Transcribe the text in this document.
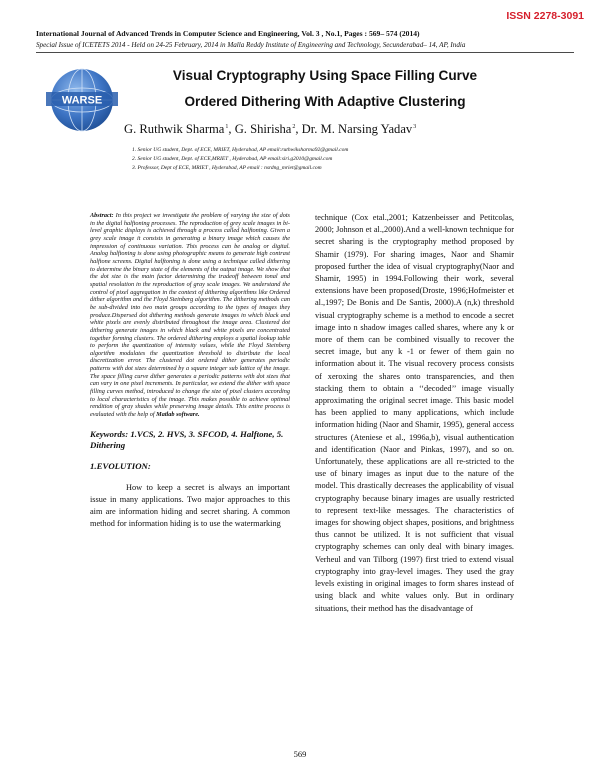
ISSN 2278-3091
International Journal of Advanced Trends in Computer Science and Engineering, Vol. 3 , No.1, Pages : 569– 574 (2014)
Special Issue of ICETETS 2014 - Held on 24-25 February, 2014 in Malla Reddy Institute of Engineering and Technology, Secunderabad– 14, AP, India
WARSE
Visual Cryptography Using Space Filling Curve
Ordered Dithering With Adaptive Clustering
G. Ruthwik Sharma$^1$, G. Shirisha$^2$, Dr. M. Narsing Yadav$^3$
1. Senior UG student, Dept. of ECE, MRIET, Hyderabad, AP email:ruthwiksharma92@gmail.com
2. Senior UG student, Dept. of ECE,MRIET , Hyderabad, AP email:siri.g2010@gmail.com
3. Professor, Dept of ECE, MRIET , Hyderabad, AP email : nsrdng_mriet@gmail.com

Abstract: In this project we investigate the problem of varying the size of dots in the digital halftoning processes. The reproduction of grey scale images in bi-level graphic displays is achieved through a process called halftoning. Given a grey scale image it consists in generating a binary image which causes the impression of continuous variation. This process can be analog or digital. Analog halftoning is done using photographic means to generate high contrast halftone screens. Digital halftoning is done using a technique called dithering to determine the binary state of the elements of the output image. We show that the dot size is the main factor determining the tradeoff between tonal and spatial resolution in the reproduction of gray scale images. We understand the control of pixel aggregation in the context of dithering algorithms like Ordered dither algorithm and the Floyd Steinberg algorithm. The dithering methods can be sub-divided into two main groups according to the types of images they produce.Dispersed dot dithering methods generate images in which black and white pixels are evenly distributed throughout the image area. Clustered dot dithering generate images in which black and white pixels are concentrated together forming clusters. The ordered dithering employs a spatial lookup table to perform the quantization of intensity values, while the Floyd Steinberg algorithm modulates the quantization threshold to distribute the local discretization error. The clustered dot ordered dither generates periodic patterns with dot sizes determined by a square integer sub lattice of the image. The space filling curve dither generates a periodic patterns with dot sizes that can vary in one pixel increments. In particular, we extend the dither with space filling curves method, introduced to change the size of pixel clusters according to local characteristics of the image. This makes possible to achieve optimal rendition of gray shades while preserving image details. This entire process is evaluated with the help of Matlab software.

Keywords: 1.VCS, 2. HVS, 3. SFCOD, 4. Halftone, 5. Dithering

1.EVOLUTION:

How to keep a secret is always an important issue in many applications. Two major approaches to this aim are information hiding and secret sharing. A common method for information hiding is to use the watermarking

technique (Cox etal.,2001; Katzenbeisser and Petitcolas, 2000; Johnson et al.,2000).And a well-known technique for secret sharing is the cryptography method proposed by Shamir (1979). For sharing images, Naor and Shamir proposed further the idea of visual cryptography(Naor and Shamir, 1995) in 1994.Following their work, several extensions have been proposed(Droste, 1996;Hofmeister et al.,1997; De Bonis and De Santis, 2000).A (n,k) threshold visual cryptography scheme is a method to encode a secret image into n shadow images called shares, where any k or more of them can be combined visually to recover the secret image, but any k -1 or fewer of them gain no information about it. The visual recovery process consists of xeroxing the shares onto transparencies, and then stacking them to obtain a ‘‘decoded’’ image visually approximating the original secret image. This basic model has been applied to many applications, which include information hiding (Naor and Shamir, 1995), general access structures (Ateniese et al., 1996a,b), visual authentication and identification (Naor and Pinkas, 1997), and so on. Unfortunately, these applications are all re-stricted to the use of binary images as input due to the nature of the model. This drastically decreases the applicability of visual cryptography because binary images are usually restricted to represent text-like messages. The characteristics of images for showing object shapes, positions, and brightness thus cannot be utilized. It is not sufficient that visual cryptography schemes can only deal with binary images. Verheul and van Tilborg (1997) first tried to extend visual cryptography into gray-level images. They used the gray levels existing in original images to form shares instead of using black and white values only. But in ordinary situations, their method has the disadvantage of

569
